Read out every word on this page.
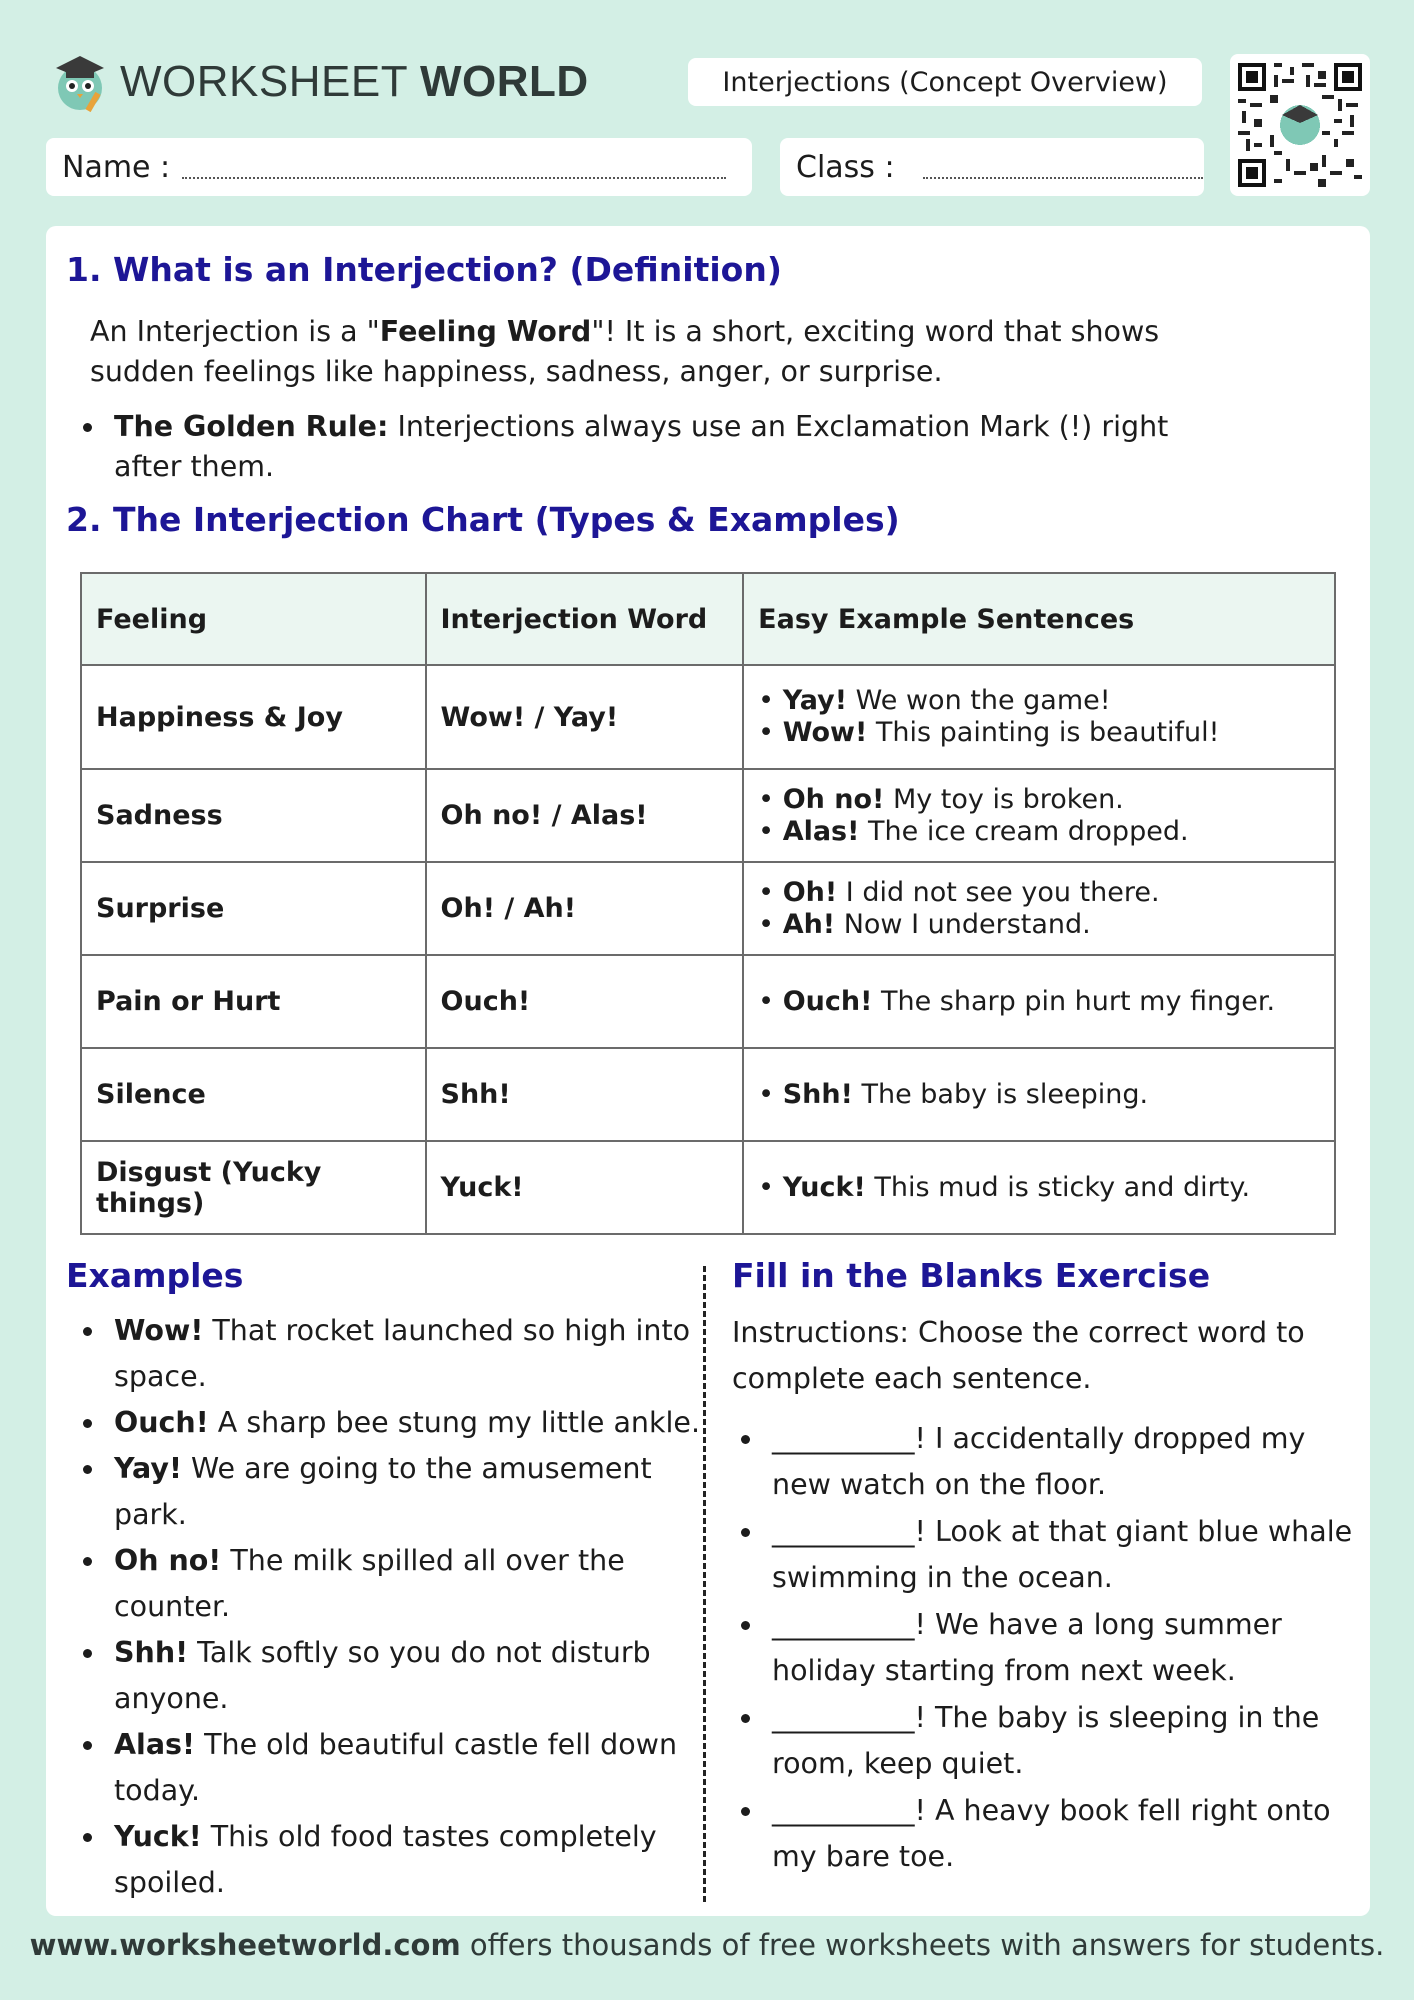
WORKSHEET WORLD	Interjections (Concept Overview)
Name :	Class :
1. What is an Interjection? (Definition)
An Interjection is a "Feeling Word"! It is a short, exciting word that shows
sudden feelings like happiness, sadness, anger, or surprise.
The Golden Rule: Interjections always use an Exclamation Mark (!) right
after them.
2. The Interjection Chart (Types & Examples)
Feeling	Interjection Word	Easy Example Sentences
Happiness & Joy	Wow! / Yay!	• Yay! We won the game!
• Wow! This painting is beautiful!

Sadness	Oh no! / Alas!	• Oh no! My toy is broken.
• Alas! The ice cream dropped.

Surprise	Oh! / Ah!	• Oh! I did not see you there.
• Ah! Now I understand.

Pain or Hurt	Ouch!	• Ouch! The sharp pin hurt my finger.

Silence	Shh!	• Shh! The baby is sleeping.

Disgust (Yucky things)	Yuck!	• Yuck! This mud is sticky and dirty.
Examples
Wow! That rocket launched so high into
space.
Ouch! A sharp bee stung my little ankle.
Yay! We are going to the amusement
park.
Oh no! The milk spilled all over the
counter.
Shh! Talk softly so you do not disturb
anyone.
Alas! The old beautiful castle fell down
today.
Yuck! This old food tastes completely
spoiled.
Fill in the Blanks Exercise
Instructions: Choose the correct word to
complete each sentence.
__________! I accidentally dropped my
new watch on the floor.
__________! Look at that giant blue whale
swimming in the ocean.
__________! We have a long summer
holiday starting from next week.
__________! The baby is sleeping in the
room, keep quiet.
__________! A heavy book fell right onto
my bare toe.
www.worksheetworld.com offers thousands of free worksheets with answers for students.
